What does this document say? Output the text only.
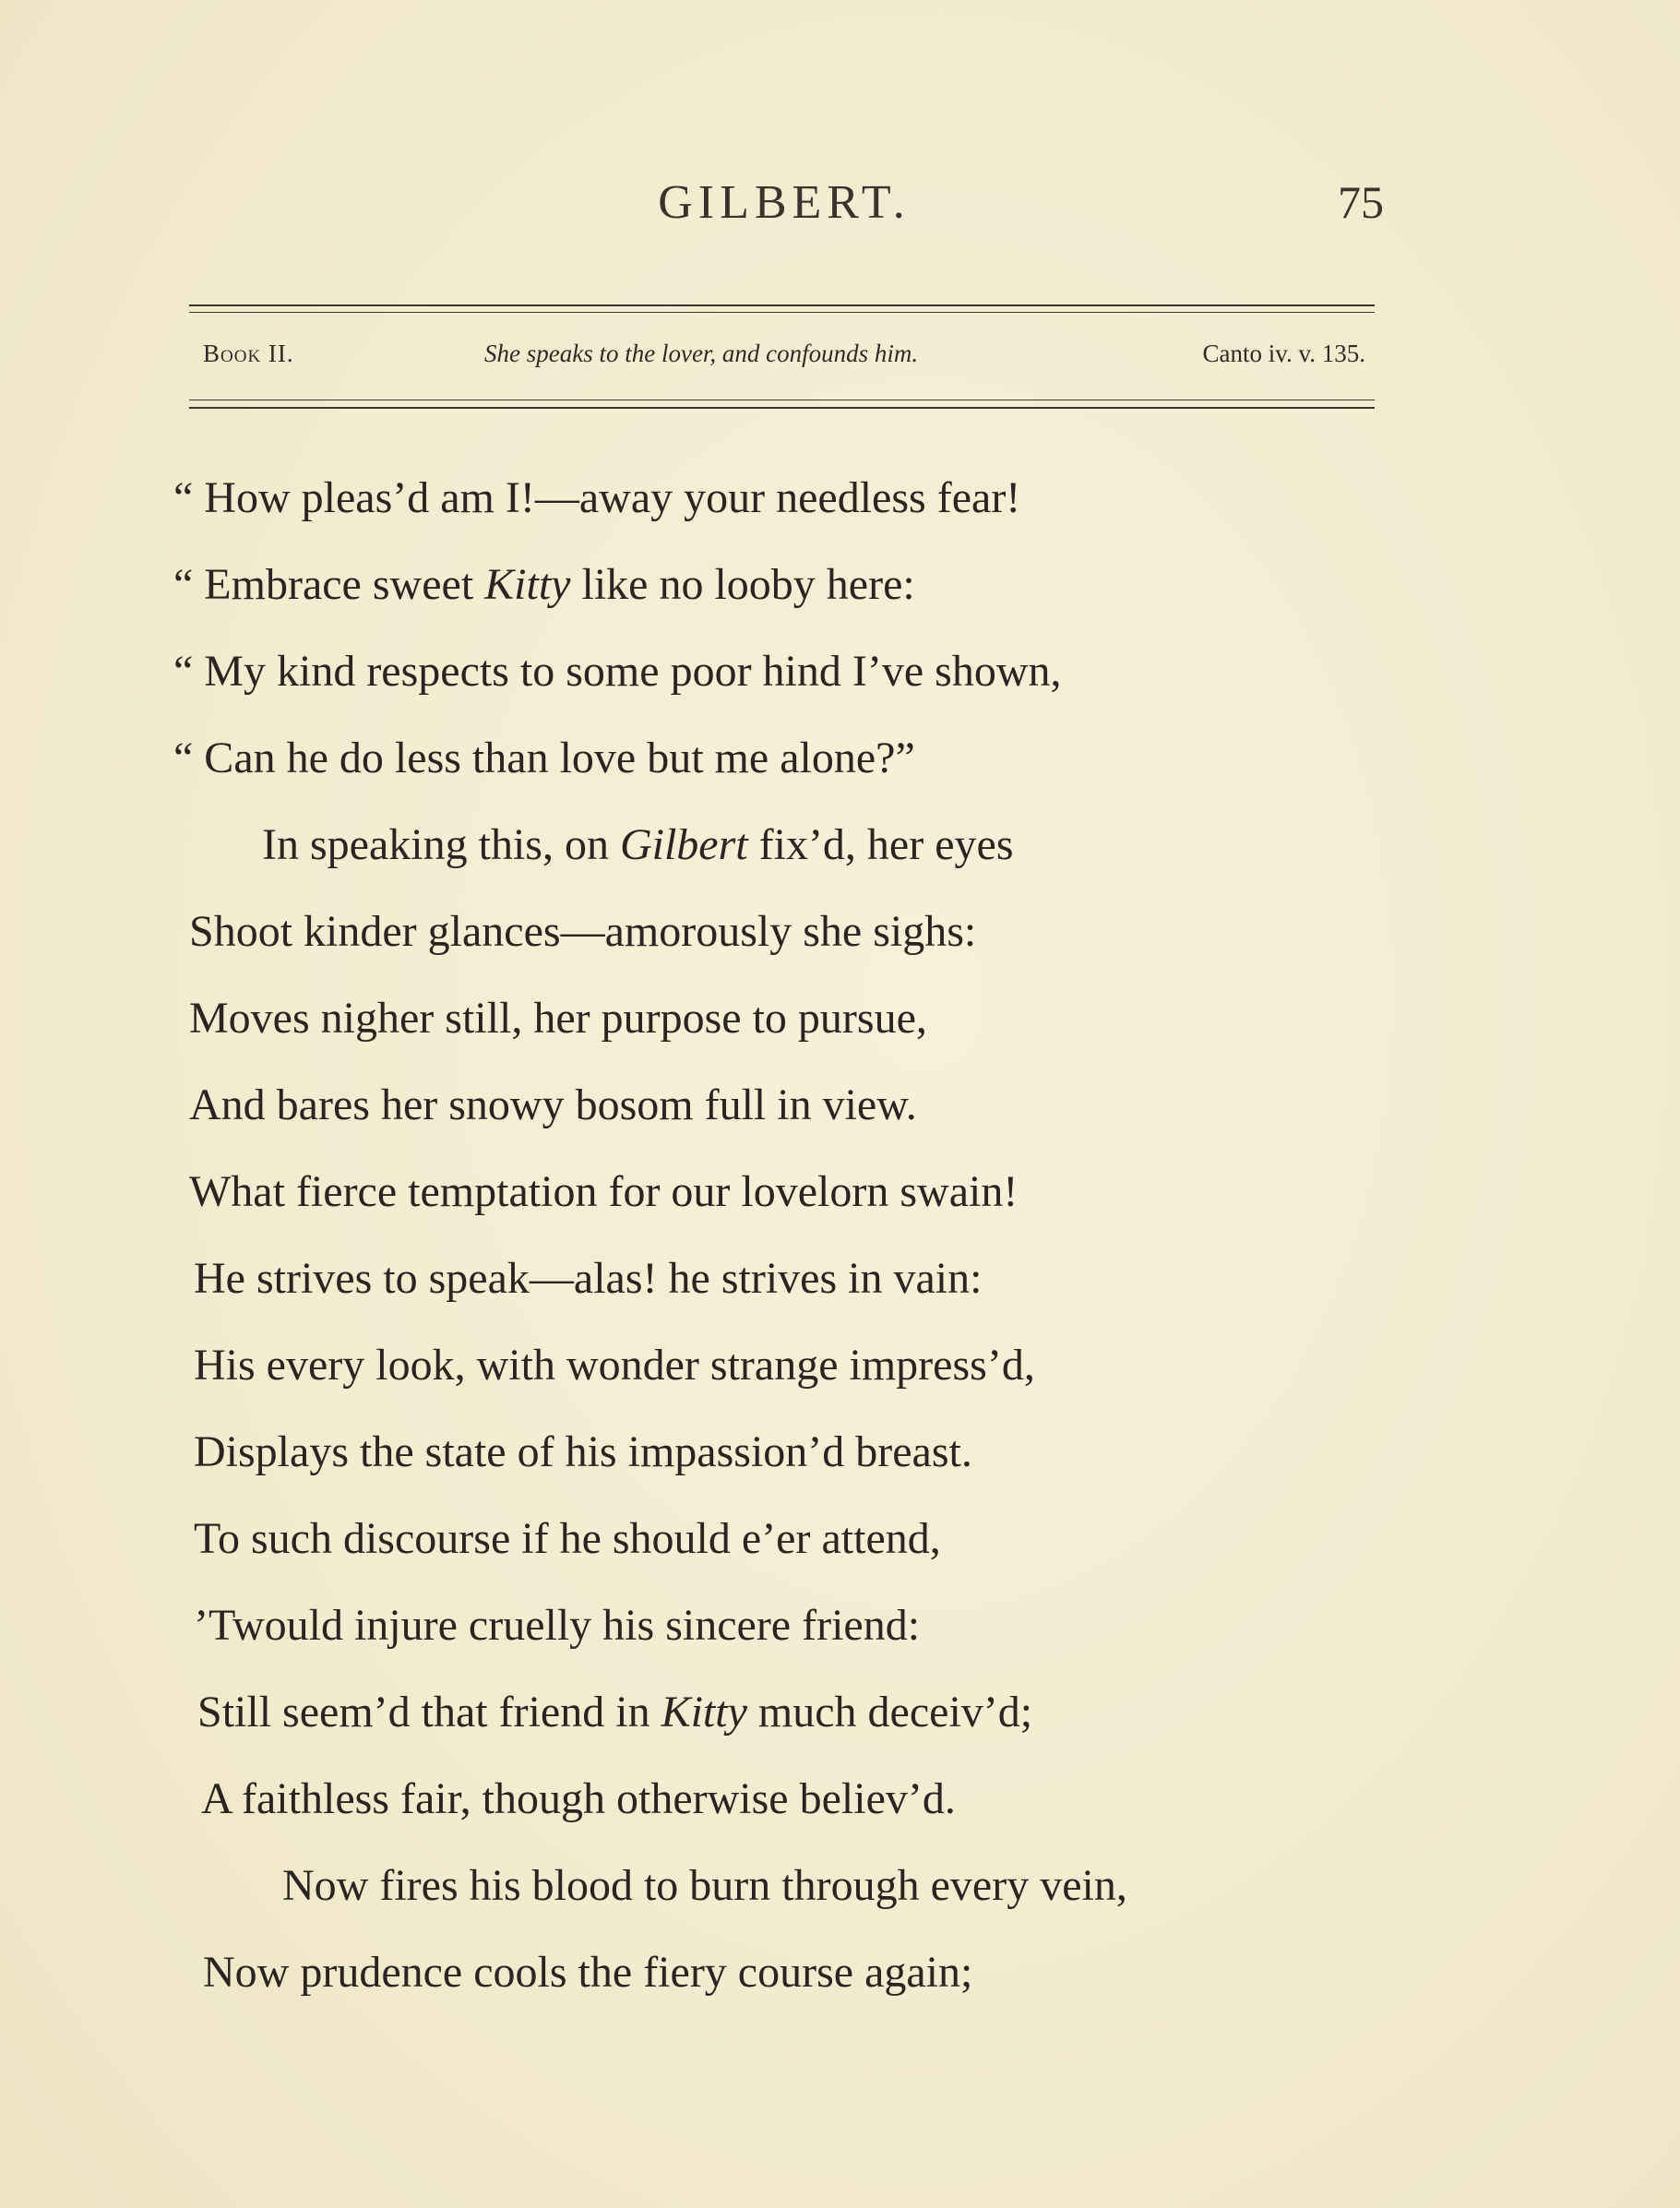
GILBERT.	75
Book II.	She speaks to the lover, and confounds him.	Canto iv. v. 135.
“ How pleas’d am I!—away your needless fear!
“ Embrace sweet Kitty like no looby here:
“ My kind respects to some poor hind I’ve shown,
“ Can he do less than love but me alone?”
In speaking this, on Gilbert fix’d, her eyes
Shoot kinder glances—amorously she sighs:
Moves nigher still, her purpose to pursue,
And bares her snowy bosom full in view.
What fierce temptation for our lovelorn swain!
He strives to speak—alas! he strives in vain:
His every look, with wonder strange impress’d,
Displays the state of his impassion’d breast.
To such discourse if he should e’er attend,
’Twould injure cruelly his sincere friend:
Still seem’d that friend in Kitty much deceiv’d;
A faithless fair, though otherwise believ’d.
Now fires his blood to burn through every vein,
Now prudence cools the fiery course again;
